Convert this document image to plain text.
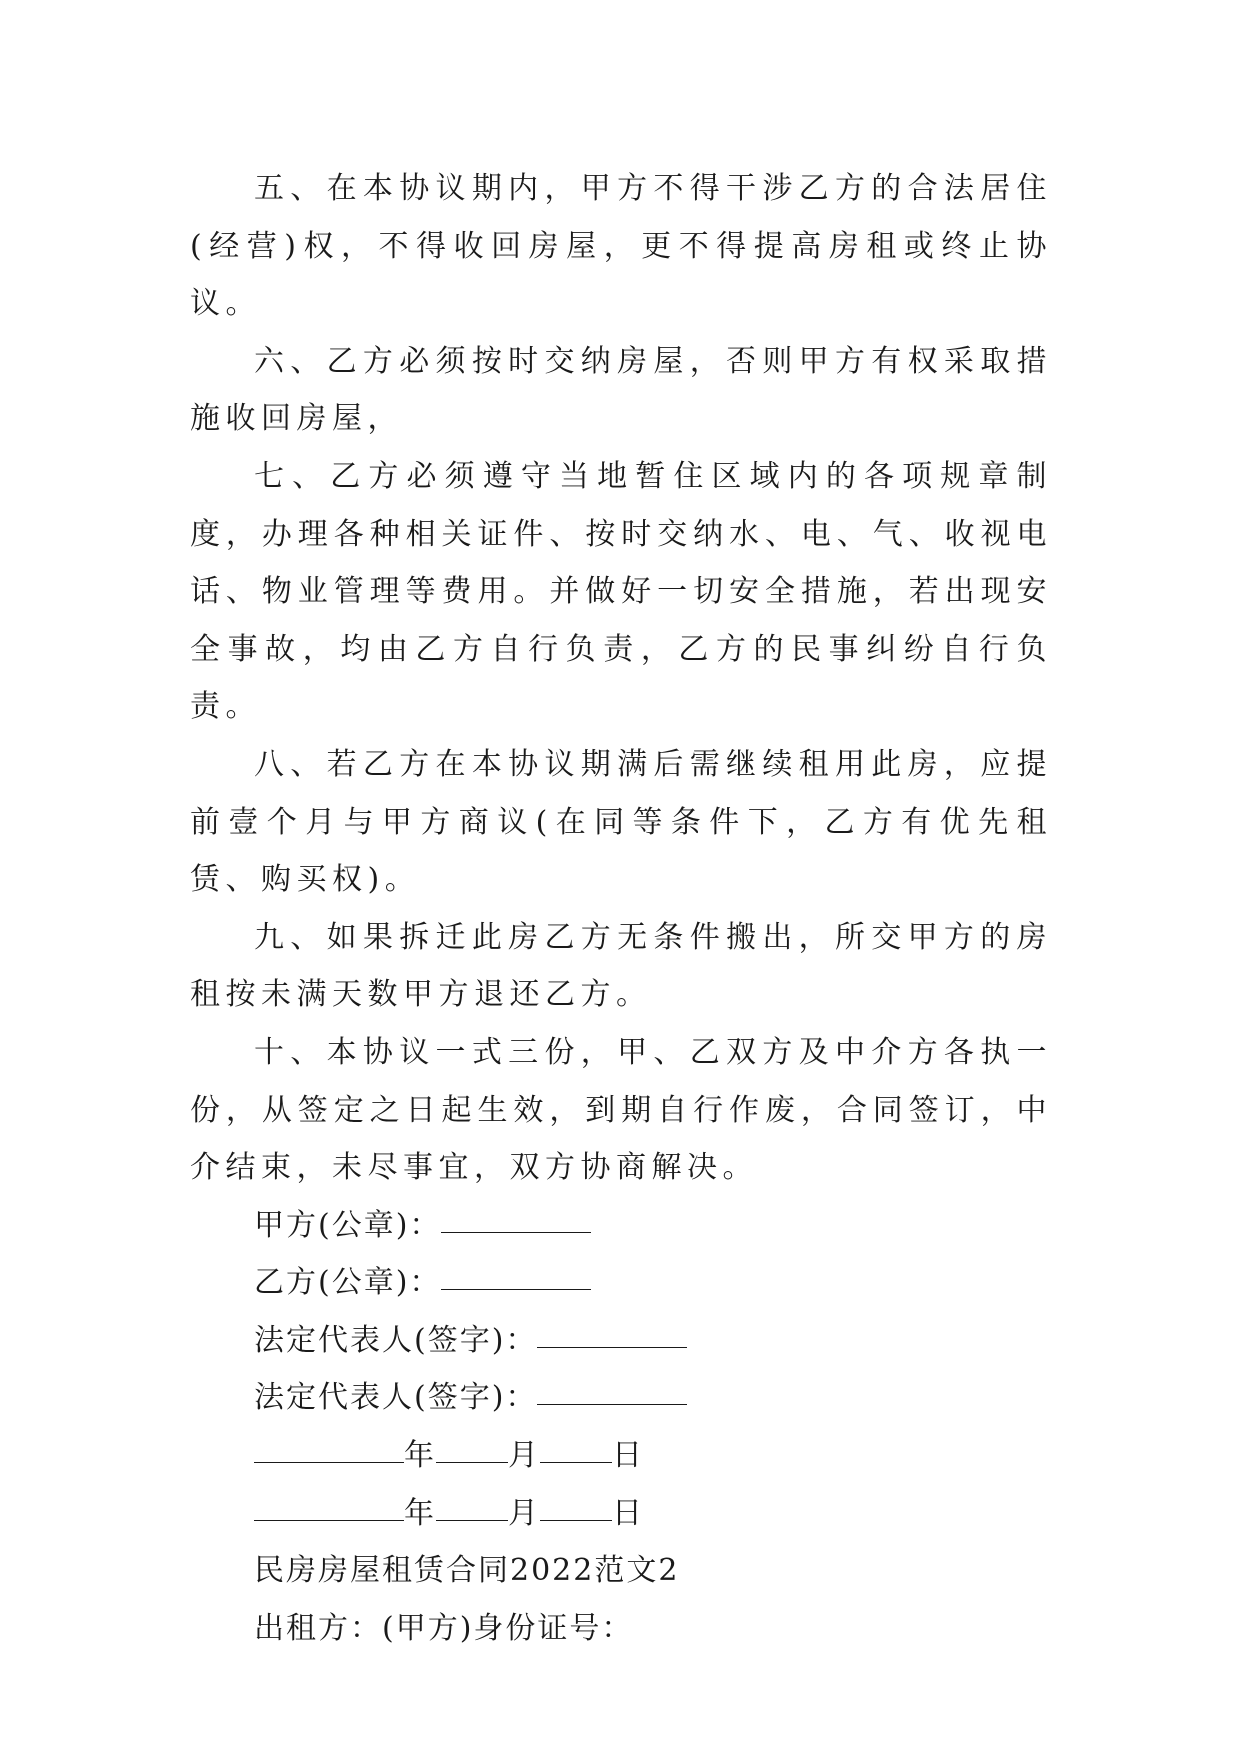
五、在本协议期内，甲方不得干涉乙方的合法居住(经营)权，不得收回房屋，更不得提高房租或终止协议。

六、乙方必须按时交纳房屋，否则甲方有权采取措施收回房屋，

七、乙方必须遵守当地暂住区域内的各项规章制度，办理各种相关证件、按时交纳水、电、气、收视电话、物业管理等费用。并做好一切安全措施，若出现安全事故，均由乙方自行负责，乙方的民事纠纷自行负责。

八、若乙方在本协议期满后需继续租用此房，应提前壹个月与甲方商议(在同等条件下，乙方有优先租赁、购买权)。

九、如果拆迁此房乙方无条件搬出，所交甲方的房租按未满天数甲方退还乙方。

十、本协议一式三份，甲、乙双方及中介方各执一份，从签定之日起生效，到期自行作废，合同签订，中介结束，未尽事宜，双方协商解决。

甲方(公章)：

乙方(公章)：

法定代表人(签字)：

法定代表人(签字)：

年 月 日

年 月 日

民房房屋租赁合同2022范文2

出租方：(甲方)身份证号：
